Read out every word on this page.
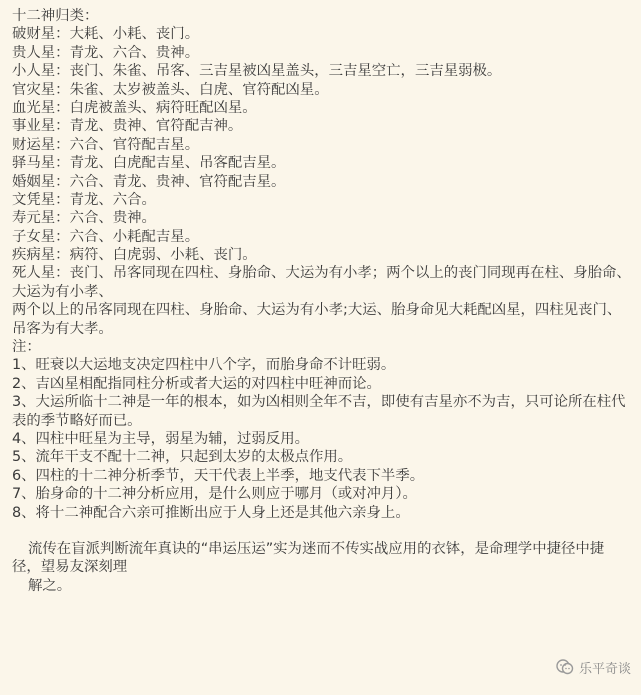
十二神归类：
破财星：大耗、小耗、丧门。
贵人星：青龙、六合、贵神。
小人星：丧门、朱雀、吊客、三吉星被凶星盖头，三吉星空亡，三吉星弱极。
官灾星：朱雀、太岁被盖头、白虎、官符配凶星。
血光星：白虎被盖头、病符旺配凶星。
事业星：青龙、贵神、官符配吉神。
财运星：六合、官符配吉星。
驿马星：青龙、白虎配吉星、吊客配吉星。
婚姻星：六合、青龙、贵神、官符配吉星。
文凭星：青龙、六合。
寿元星：六合、贵神。
子女星：六合、小耗配吉星。
疾病星：病符、白虎弱、小耗、丧门。
死人星：丧门、吊客同现在四柱、身胎命、大运为有小孝；两个以上的丧门同现再在柱、身胎命、
大运为有小孝、
两个以上的吊客同现在四柱、身胎命、大运为有小孝;大运、胎身命见大耗配凶星，四柱见丧门、
吊客为有大孝。
注：
1、旺衰以大运地支决定四柱中八个字，而胎身命不计旺弱。
2、吉凶星相配指同柱分析或者大运的对四柱中旺神而论。
3、大运所临十二神是一年的根本，如为凶相则全年不吉，即使有吉星亦不为吉，只可论所在柱代
表的季节略好而已。
4、四柱中旺星为主导，弱星为辅，过弱反用。
5、流年干支不配十二神，只起到太岁的太极点作用。
6、四柱的十二神分析季节，天干代表上半季，地支代表下半季。
7、胎身命的十二神分析应用，是什么则应于哪月（或对冲月）。
8、将十二神配合六亲可推断出应于人身上还是其他六亲身上。
流传在盲派判断流年真诀的“串运压运”实为迷而不传实战应用的衣钵，是命理学中捷径中捷
径，望易友深刻理
解之。
乐平奇谈
